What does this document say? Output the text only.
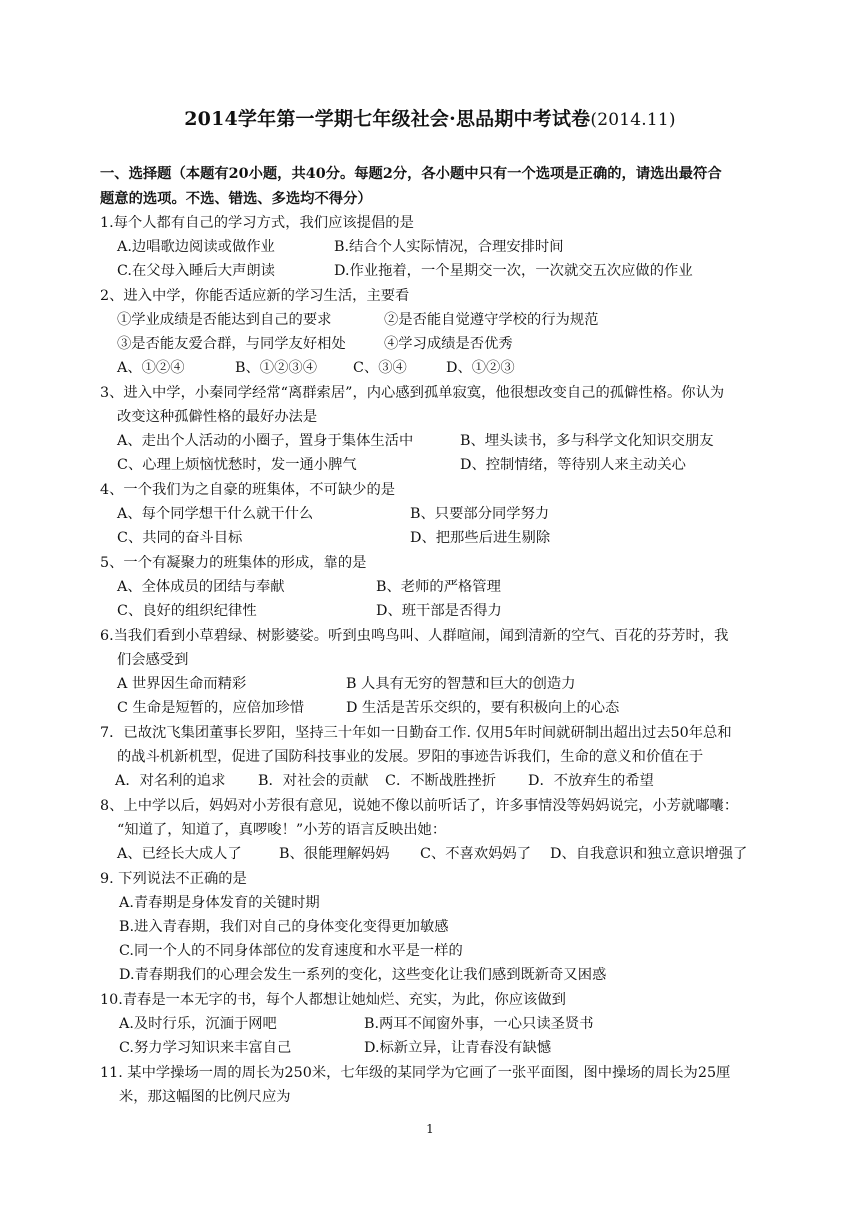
2014学年第一学期七年级社会·思品期中考试卷(2014.11)
一、选择题（本题有20小题，共40分。每题2分，各小题中只有一个选项是正确的，请选出最符合
题意的选项。不选、错选、多选均不得分）
1.每个人都有自己的学习方式，我们应该提倡的是
A.边唱歌边阅读或做作业	B.结合个人实际情况，合理安排时间
C.在父母入睡后大声朗读	D.作业拖着，一个星期交一次，一次就交五次应做的作业
2、进入中学，你能否适应新的学习生活，主要看
①学业成绩是否能达到自己的要求	②是否能自觉遵守学校的行为规范
③是否能友爱合群，与同学友好相处	④学习成绩是否优秀
A、①②④	B、①②③④	C、③④	D、①②③
3、进入中学，小秦同学经常“离群索居”，内心感到孤单寂寞，他很想改变自己的孤僻性格。你认为
改变这种孤僻性格的最好办法是
A、走出个人活动的小圈子，置身于集体生活中	B、埋头读书，多与科学文化知识交朋友
C、心理上烦恼忧愁时，发一通小脾气	D、控制情绪，等待别人来主动关心
4、一个我们为之自豪的班集体，不可缺少的是
A、每个同学想干什么就干什么	B、只要部分同学努力
C、共同的奋斗目标	D、把那些后进生剔除
5、一个有凝聚力的班集体的形成，靠的是
A、全体成员的团结与奉献	B、老师的严格管理
C、良好的组织纪律性	D、班干部是否得力
6.当我们看到小草碧绿、树影婆娑。听到虫鸣鸟叫、人群喧闹，闻到清新的空气、百花的芬芳时，我
们会感受到
A 世界因生命而精彩	B 人具有无穷的智慧和巨大的创造力
C 生命是短暂的，应倍加珍惜	D 生活是苦乐交织的，要有积极向上的心态
7．已故沈飞集团董事长罗阳，坚持三十年如一日勤奋工作. 仅用5年时间就研制出超出过去50年总和
的战斗机新机型，促进了国防科技事业的发展。罗阳的事迹告诉我们，生命的意义和价值在于
A．对名利的追求 B．对社会的贡献 C．不断战胜挫折 D．不放弃生的希望
8、上中学以后，妈妈对小芳很有意见，说她不像以前听话了，许多事情没等妈妈说完，小芳就嘟囔：
“知道了，知道了，真啰唆！”小芳的语言反映出她：
A、已经长大成人了	B、很能理解妈妈 C、不喜欢妈妈了 D、自我意识和独立意识增强了
9. 下列说法不正确的是
A.青春期是身体发育的关键时期
B.进入青春期，我们对自己的身体变化变得更加敏感
C.同一个人的不同身体部位的发育速度和水平是一样的
D.青春期我们的心理会发生一系列的变化，这些变化让我们感到既新奇又困惑
10.青春是一本无字的书，每个人都想让她灿烂、充实，为此，你应该做到
A.及时行乐，沉湎于网吧	B.两耳不闻窗外事，一心只读圣贤书
C.努力学习知识来丰富自己	D.标新立异，让青春没有缺憾
11. 某中学操场一周的周长为250米，七年级的某同学为它画了一张平面图，图中操场的周长为25厘
米，那这幅图的比例尺应为
1
